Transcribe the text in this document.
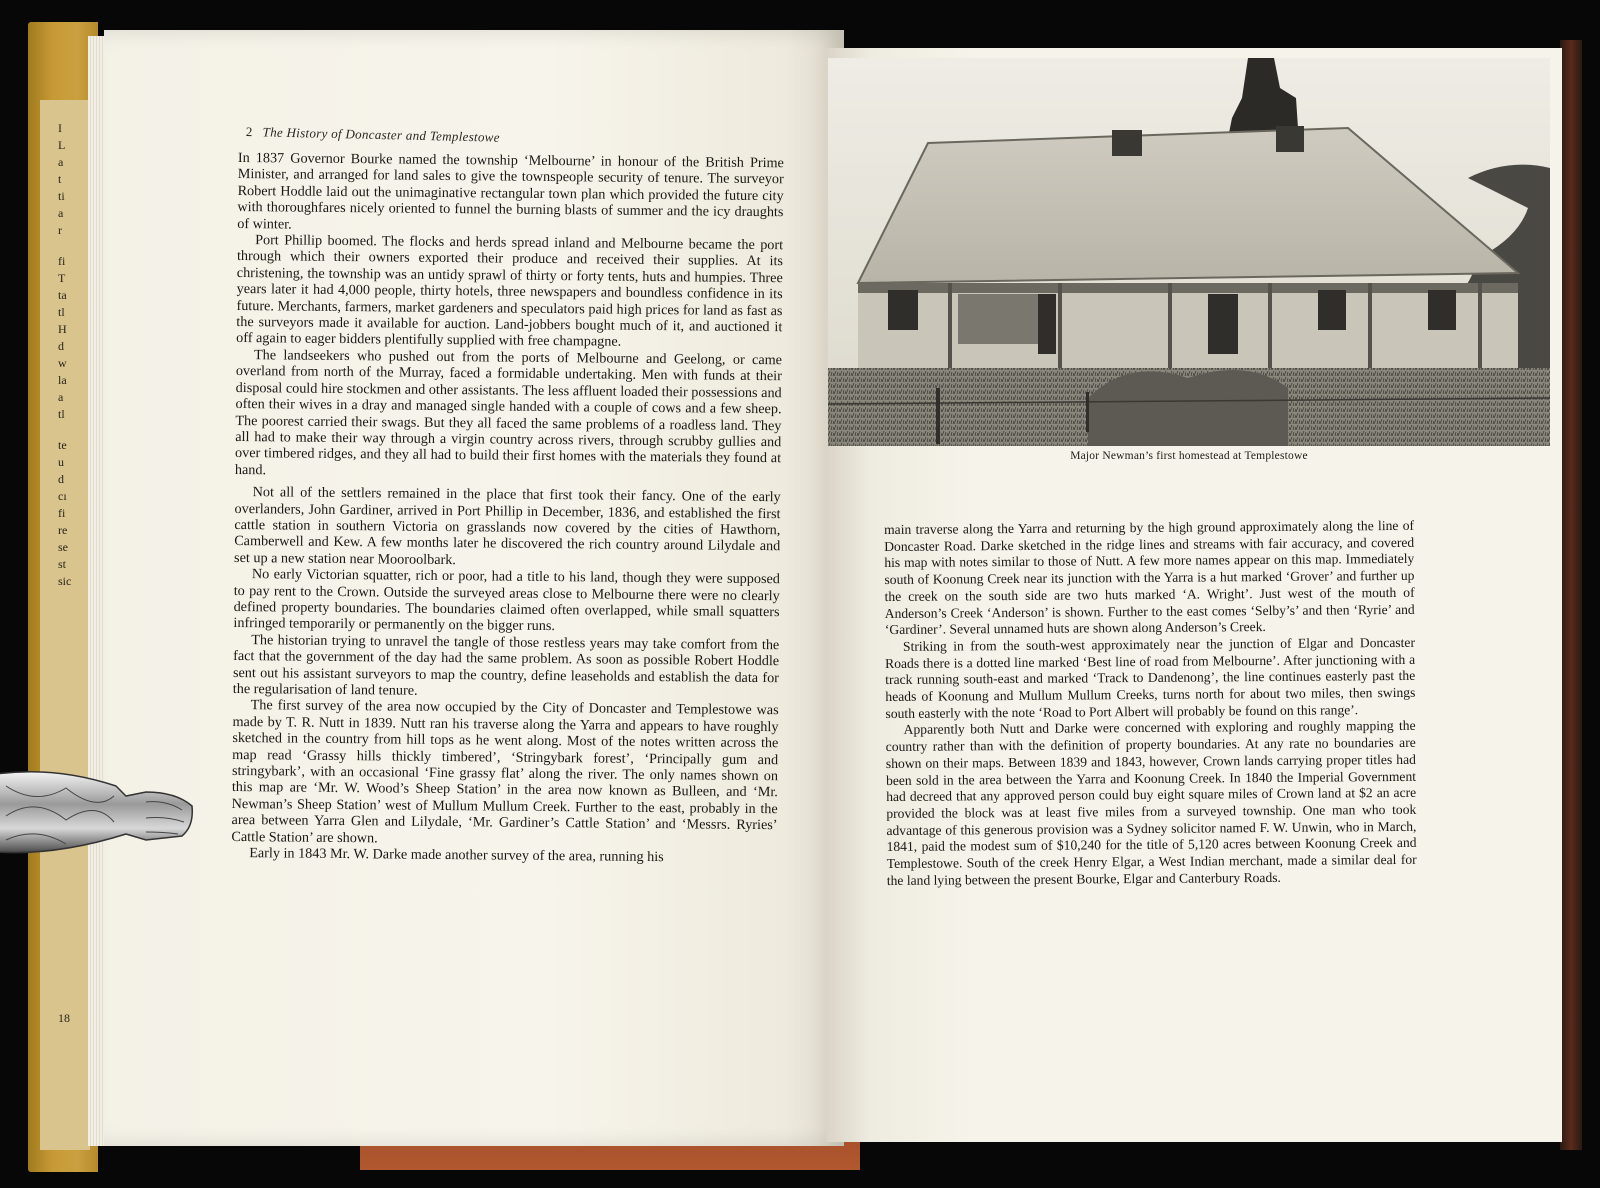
I
L
a
t
ti
a
r
fi
T
ta
tl
H
d
w
la
a
tl
te
u
d
cı
fi
re
se
st
sic
18
2 The History of Doncaster and Templestowe

In 1837 Governor Bourke named the township ‘Melbourne’ in honour of the British Prime Minister, and arranged for land sales to give the townspeople security of tenure. The surveyor Robert Hoddle laid out the unimaginative rectangular town plan which provided the future city with thoroughfares nicely oriented to funnel the burning blasts of summer and the icy draughts of winter.

Port Phillip boomed. The flocks and herds spread inland and Melbourne became the port through which their owners exported their produce and received their supplies. At its christening, the township was an untidy sprawl of thirty or forty tents, huts and humpies. Three years later it had 4,000 people, thirty hotels, three newspapers and boundless confidence in its future. Merchants, farmers, market gardeners and speculators paid high prices for land as fast as the surveyors made it available for auction. Land-jobbers bought much of it, and auctioned it off again to eager bidders plentifully supplied with free champagne.

The landseekers who pushed out from the ports of Melbourne and Geelong, or came overland from north of the Murray, faced a formidable undertaking. Men with funds at their disposal could hire stockmen and other assistants. The less affluent loaded their possessions and often their wives in a dray and managed single handed with a couple of cows and a few sheep. The poorest carried their swags. But they all faced the same problems of a roadless land. They all had to make their way through a virgin country across rivers, through scrubby gullies and over timbered ridges, and they all had to build their first homes with the materials they found at hand.

Not all of the settlers remained in the place that first took their fancy. One of the early overlanders, John Gardiner, arrived in Port Phillip in December, 1836, and established the first cattle station in southern Victoria on grasslands now covered by the cities of Hawthorn, Camberwell and Kew. A few months later he discovered the rich country around Lilydale and set up a new station near Mooroolbark.

No early Victorian squatter, rich or poor, had a title to his land, though they were supposed to pay rent to the Crown. Outside the surveyed areas close to Melbourne there were no clearly defined property boundaries. The boundaries claimed often overlapped, while small squatters infringed temporarily or permanently on the bigger runs.

The historian trying to unravel the tangle of those restless years may take comfort from the fact that the government of the day had the same problem. As soon as possible Robert Hoddle sent out his assistant surveyors to map the country, define leaseholds and establish the data for the regularisation of land tenure.

The first survey of the area now occupied by the City of Doncaster and Templestowe was made by T. R. Nutt in 1839. Nutt ran his traverse along the Yarra and appears to have roughly sketched in the country from hill tops as he went along. Most of the notes written across the map read ‘Grassy hills thickly timbered’, ‘Stringybark forest’, ‘Principally gum and stringybark’, with an occasional ‘Fine grassy flat’ along the river. The only names shown on this map are ‘Mr. W. Wood’s Sheep Station’ in the area now known as Bulleen, and ‘Mr. Newman’s Sheep Station’ west of Mullum Mullum Creek. Further to the east, probably in the area between Yarra Glen and Lilydale, ‘Mr. Gardiner’s Cattle Station’ and ‘Messrs. Ryries’ Cattle Station’ are shown.

Early in 1843 Mr. W. Darke made another survey of the area, running his

Major Newman’s first homestead at Templestowe

main traverse along the Yarra and returning by the high ground approximately along the line of Doncaster Road. Darke sketched in the ridge lines and streams with fair accuracy, and covered his map with notes similar to those of Nutt. A few more names appear on this map. Immediately south of Koonung Creek near its junction with the Yarra is a hut marked ‘Grover’ and further up the creek on the south side are two huts marked ‘A. Wright’. Just west of the mouth of Anderson’s Creek ‘Anderson’ is shown. Further to the east comes ‘Selby’s’ and then ‘Ryrie’ and ‘Gardiner’. Several unnamed huts are shown along Anderson’s Creek.

Striking in from the south-west approximately near the junction of Elgar and Doncaster Roads there is a dotted line marked ‘Best line of road from Melbourne’. After junctioning with a track running south-east and marked ‘Track to Dandenong’, the line continues easterly past the heads of Koonung and Mullum Mullum Creeks, turns north for about two miles, then swings south easterly with the note ‘Road to Port Albert will probably be found on this range’.

Apparently both Nutt and Darke were concerned with exploring and roughly mapping the country rather than with the definition of property boundaries. At any rate no boundaries are shown on their maps. Between 1839 and 1843, however, Crown lands carrying proper titles had been sold in the area between the Yarra and Koonung Creek. In 1840 the Imperial Government had decreed that any approved person could buy eight square miles of Crown land at $2 an acre provided the block was at least five miles from a surveyed township. One man who took advantage of this generous provision was a Sydney solicitor named F. W. Unwin, who in March, 1841, paid the modest sum of $10,240 for the title of 5,120 acres between Koonung Creek and Templestowe. South of the creek Henry Elgar, a West Indian merchant, made a similar deal for the land lying between the present Bourke, Elgar and Canterbury Roads.
